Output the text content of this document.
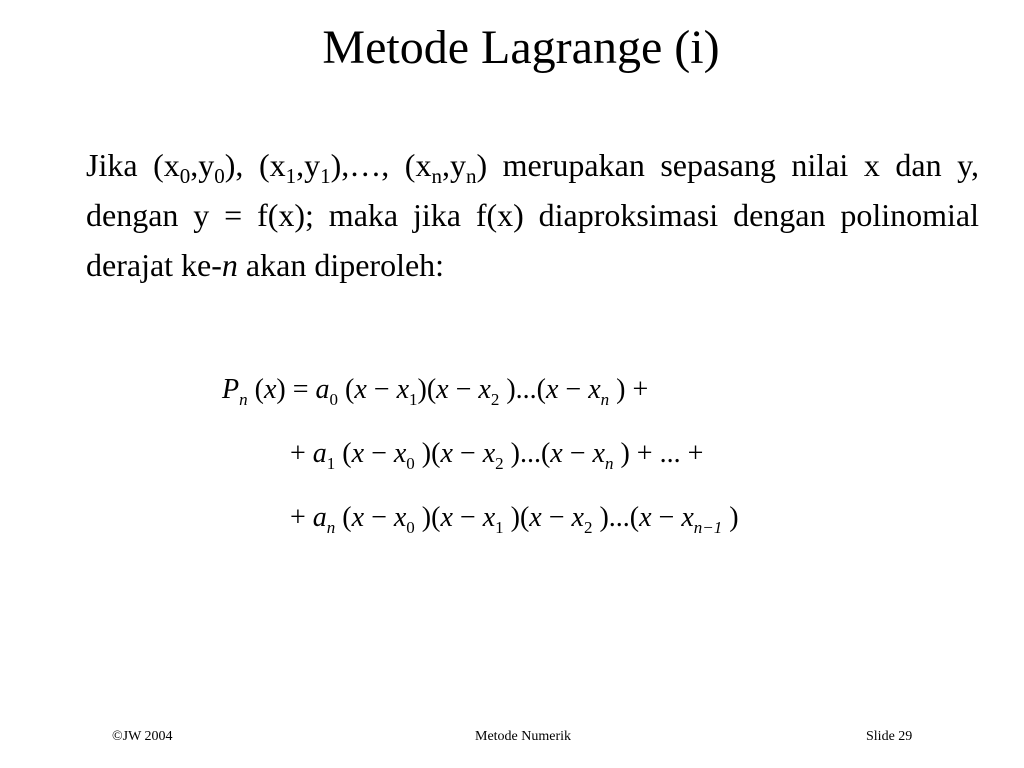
Metode Lagrange (i)
Jika $(x_0,y_0)$, $(x_1,y_1),\dots$, $(x_n,y_n)$ merupakan sepasang nilai x dan y, dengan y = f(x); maka jika f(x) diaproksimasi dengan polinomial derajat ke-n akan diperoleh:
$P_n$ $(x) = a_0$ $(x - x_1)(x - x_2$ )$...(x - x_n$ ) +
+ $a_1$ ($x - x_0$ )($x - x_2$ )$...(x - x_n$ ) + ... +
+ $a_n$ ($x - x_0$ )($x - x_1$ )($x - x_2$ )$...(x - x_{n-1}$ )
©JW 2004	Metode Numerik	Slide 29
